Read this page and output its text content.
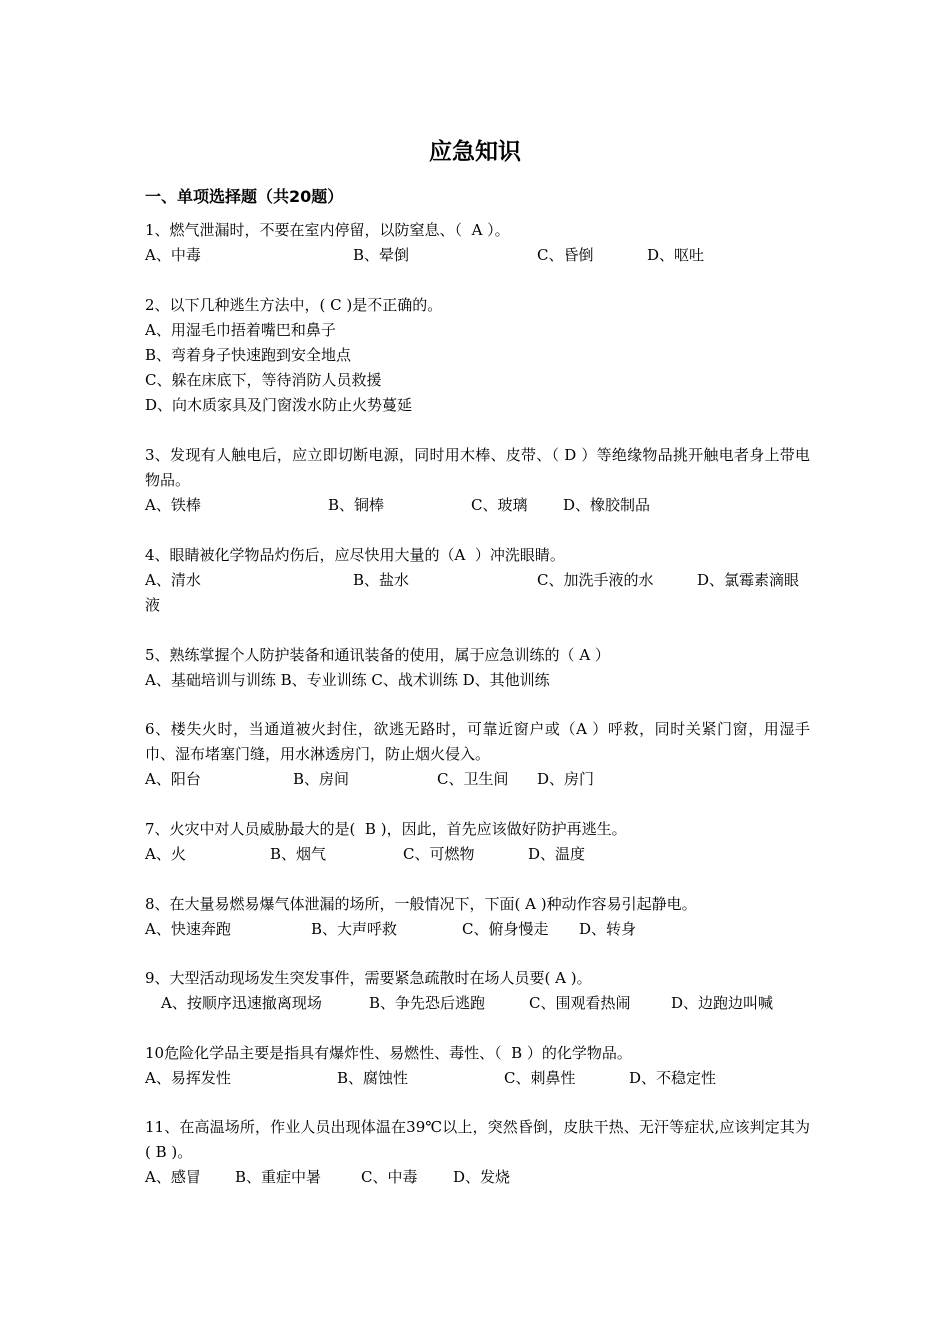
应急知识
一、单项选择题（共20题）
1、燃气泄漏时，不要在室内停留，以防窒息、（  A ）。

A、中毒

	B、晕倒

	C、昏倒

	D、呕吐

2、以下几种逃生方法中，( C )是不正确的。
A、用湿毛巾捂着嘴巴和鼻子
B、弯着身子快速跑到安全地点
C、躲在床底下，等待消防人员救援
D、向木质家具及门窗泼水防止火势蔓延
3、发现有人触电后，应立即切断电源，同时用木棒、皮带、（ D ）等绝缘物品挑开触电者身上带电物品。

A、铁棒

	B、铜棒

	C、玻璃

D、橡胶制品

4、眼睛被化学物品灼伤后，应尽快用大量的（A  ）冲洗眼睛。

A、清水

	B、盐水

	C、加洗手液的水

	D、氯霉素滴眼

液
5、熟练掌握个人防护装备和通讯装备的使用，属于应急训练的（ A ）
A、基础培训与训练 B、专业训练 C、战术训练 D、其他训练
6、楼失火时，当通道被火封住，欲逃无路时，可靠近窗户或（A ）呼救，同时关紧门窗，用湿手巾、湿布堵塞门缝，用水淋透房门，防止烟火侵入。

A、阳台

	B、房间

	C、卫生间

D、房门

7、火灾中对人员威胁最大的是(  B )，因此，首先应该做好防护再逃生。

A、火

	B、烟气

	C、可燃物

	D、温度

8、在大量易燃易爆气体泄漏的场所，一般情况下，下面( A )种动作容易引起静电。

A、快速奔跑

	B、大声呼救

	C、俯身慢走

D、转身

9、大型活动现场发生突发事件，需要紧急疏散时在场人员要( A )。

A、按顺序迅速撤离现场

	B、争先恐后逃跑

	C、围观看热闹

	D、边跑边叫喊

10危险化学品主要是指具有爆炸性、易燃性、毒性、（  B ）的化学物品。

A、易挥发性

	B、腐蚀性

	C、刺鼻性

	D、不稳定性

11、在高温场所，作业人员出现体温在39℃以上，突然昏倒，皮肤干热、无汗等症状,应该判定其为( B )。

A、感冒

B、重症中暑

	C、中毒

D、发烧
